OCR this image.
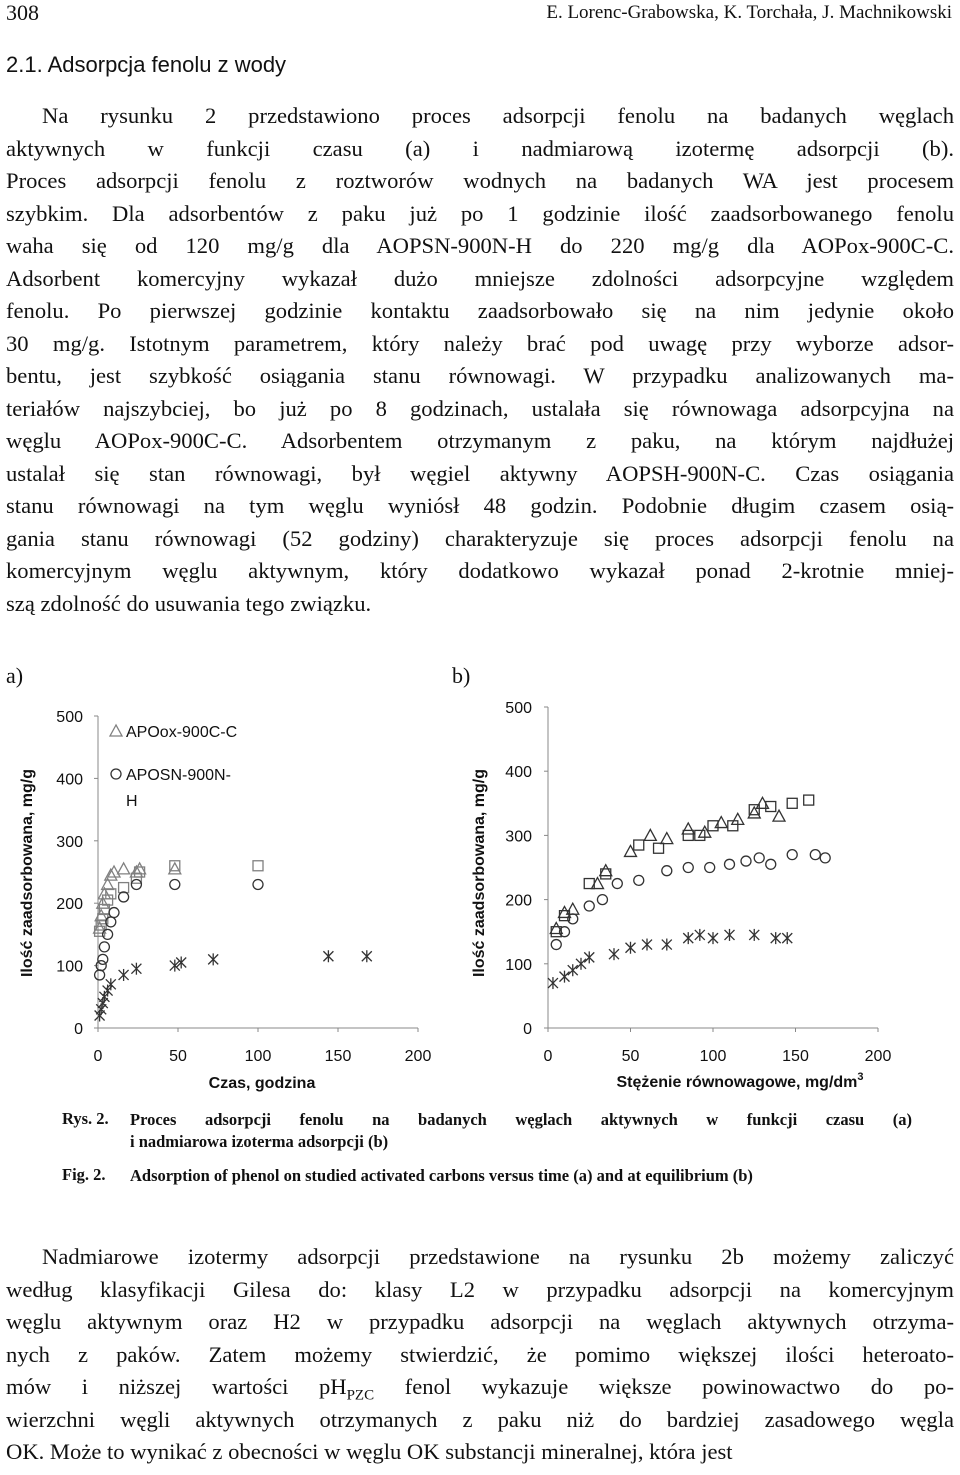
308	E. Lorenc-Grabowska, K. Torchała, J. Machnikowski
2.1. Adsorpcja fenolu z wody
Na rysunku 2 przedstawiono proces adsorpcji fenolu na badanych węglach
aktywnych w funkcji czasu (a) i nadmiarową izotermę adsorpcji (b).
Proces adsorpcji fenolu z roztworów wodnych na badanych WA jest procesem
szybkim. Dla adsorbentów z paku już po 1 godzinie ilość zaadsorbowanego fenolu
waha się od 120 mg/g dla AOPSN-900N-H do 220 mg/g dla AOPox-900C-C.
Adsorbent komercyjny wykazał dużo mniejsze zdolności adsorpcyjne względem
fenolu. Po pierwszej godzinie kontaktu zaadsorbowało się na nim jedynie około
30 mg/g. Istotnym parametrem, który należy brać pod uwagę przy wyborze adsor-
bentu, jest szybkość osiągania stanu równowagi. W przypadku analizowanych ma-
teriałów najszybciej, bo już po 8 godzinach, ustalała się równowaga adsorpcyjna na
węglu AOPox-900C-C. Adsorbentem otrzymanym z paku, na którym najdłużej
ustalał się stan równowagi, był węgiel aktywny AOPSH-900N-C. Czas osiągania
stanu równowagi na tym węglu wyniósł 48 godzin. Podobnie długim czasem osią-
gania stanu równowagi (52 godziny) charakteryzuje się proces adsorpcji fenolu na
komercyjnym węglu aktywnym, który dodatkowo wykazał ponad 2-krotnie mniej-
szą zdolność do usuwania tego związku.
a)
0
100
200
300
400
500
0	50	100	150	200
Ilość zaadsorbowana, mg/g
Czas, godzina
APOox-900C-C
APOSN-900N-
H
b)
0
100
200
300
400
500
0	50	100	150	200
Ilość zaadsorbowana, mg/g
Stężenie równowagowe, $mg/dm^3$
Rys. 2. Proces adsorpcji fenolu na badanych węglach aktywnych w funkcji czasu (a)
i nadmiarowa izoterma adsorpcji (b)
Fig. 2. Adsorption of phenol on studied activated carbons versus time (a) and at equilibrium (b)
Nadmiarowe izotermy adsorpcji przedstawione na rysunku 2b możemy zaliczyć
według klasyfikacji Gilesa do: klasy L2 w przypadku adsorpcji na komercyjnym
węglu aktywnym oraz H2 w przypadku adsorpcji na węglach aktywnych otrzyma-
nych z paków. Zatem możemy stwierdzić, że pomimo większej ilości heteroato-
mów i niższej wartości $pH_{PZC}$ fenol wykazuje większe powinowactwo do po-
wierzchni węgli aktywnych otrzymanych z paku niż do bardziej zasadowego węgla
OK. Może to wynikać z obecności w węglu OK substancji mineralnej, która jest
